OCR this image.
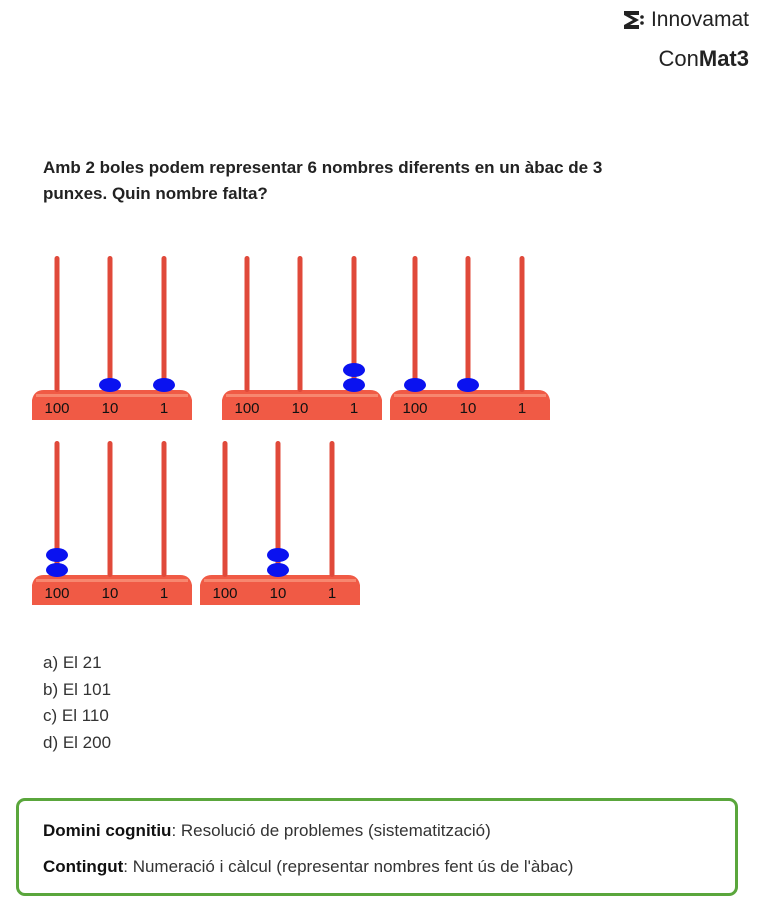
Innovamat
ConMat3
Amb 2 boles podem representar 6 nombres diferents en un àbac de 3 punxes. Quin nombre falta?
100	10	1	100	10	1	100	10	1
100	10	1	100	10	1
a) El 21
b) El 101
c) El 110
d) El 200
Domini cognitiu: Resolució de problemes (sistematització)
Contingut: Numeració i càlcul (representar nombres fent ús de l'àbac)
